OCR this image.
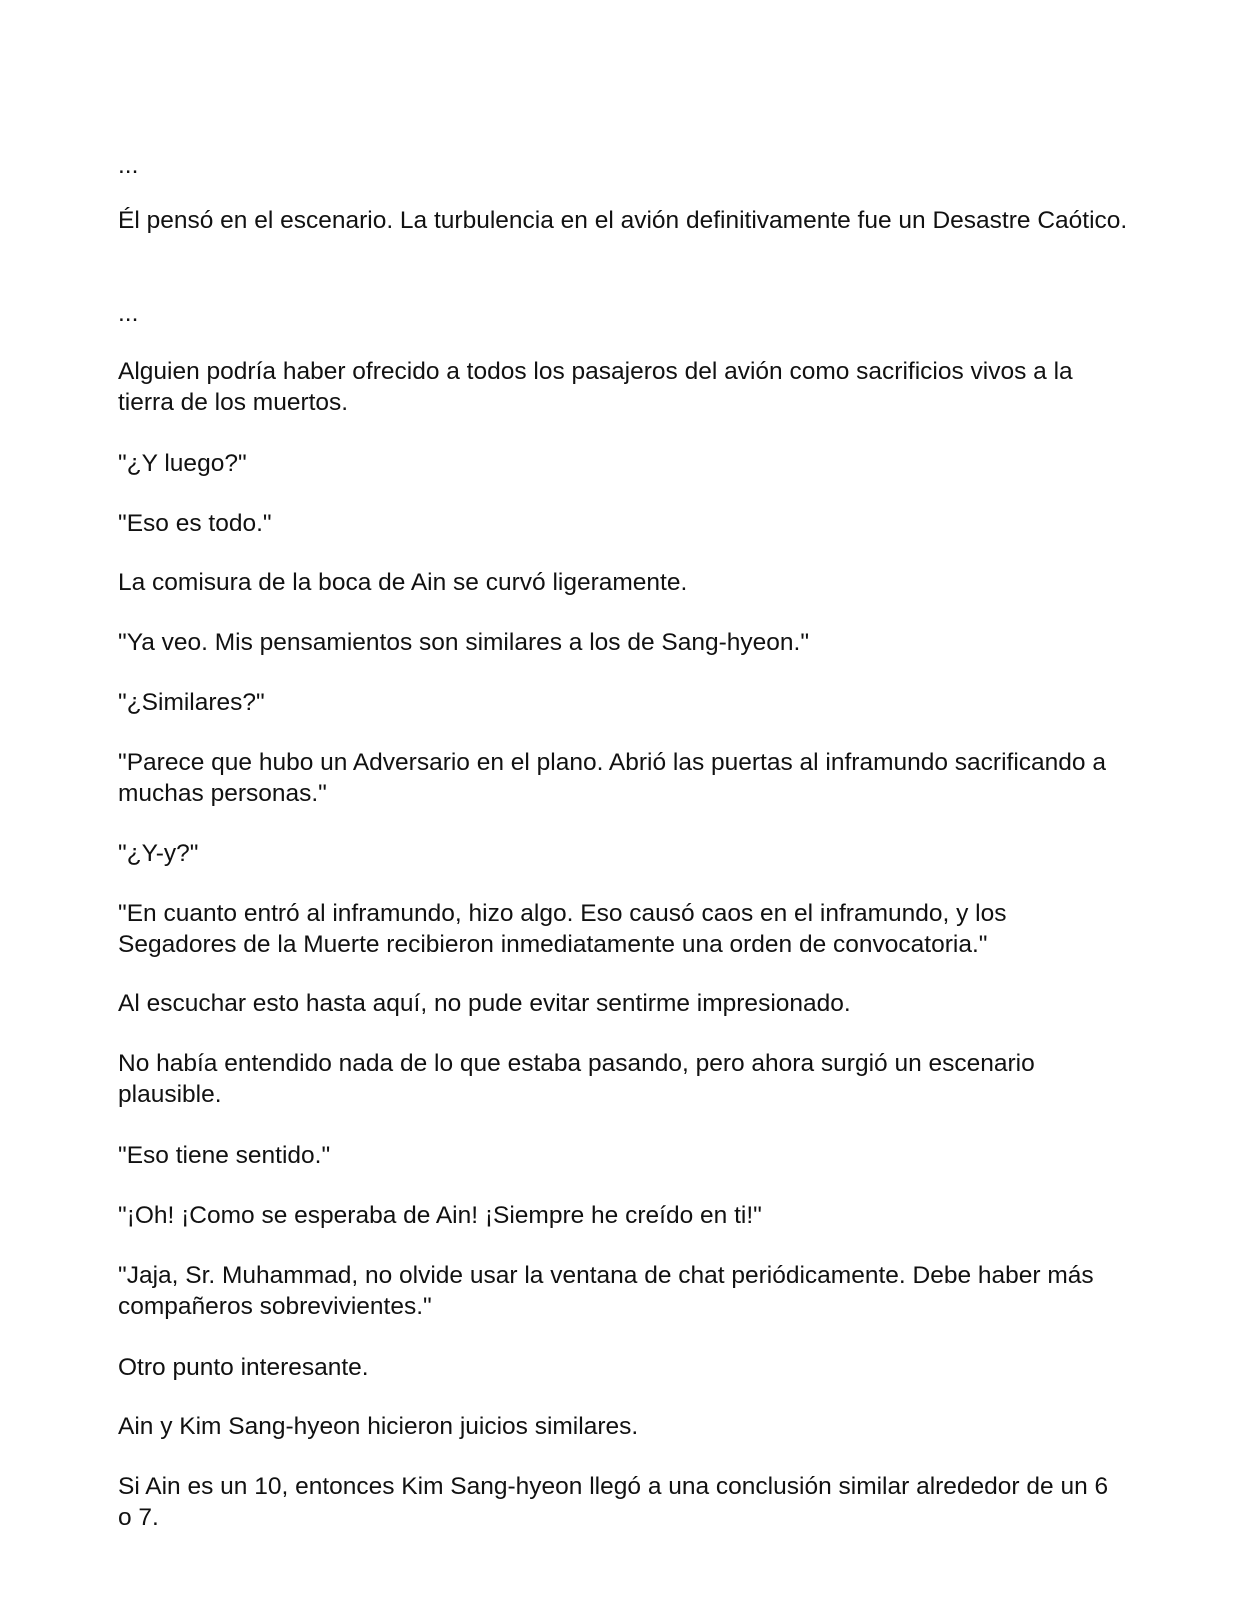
...

Él pensó en el escenario. La turbulencia en el avión definitivamente fue un Desastre Caótico.

...

Alguien podría haber ofrecido a todos los pasajeros del avión como sacrificios vivos a la tierra de los muertos.

"¿Y luego?"

"Eso es todo."

La comisura de la boca de Ain se curvó ligeramente.

"Ya veo. Mis pensamientos son similares a los de Sang-hyeon."

"¿Similares?"

"Parece que hubo un Adversario en el plano. Abrió las puertas al inframundo sacrificando a muchas personas."

"¿Y-y?"

"En cuanto entró al inframundo, hizo algo. Eso causó caos en el inframundo, y los Segadores de la Muerte recibieron inmediatamente una orden de convocatoria."

Al escuchar esto hasta aquí, no pude evitar sentirme impresionado.

No había entendido nada de lo que estaba pasando, pero ahora surgió un escenario plausible.

"Eso tiene sentido."

"¡Oh! ¡Como se esperaba de Ain! ¡Siempre he creído en ti!"

"Jaja, Sr. Muhammad, no olvide usar la ventana de chat periódicamente. Debe haber más compañeros sobrevivientes."

Otro punto interesante.

Ain y Kim Sang-hyeon hicieron juicios similares.

Si Ain es un 10, entonces Kim Sang-hyeon llegó a una conclusión similar alrededor de un 6 o 7.
